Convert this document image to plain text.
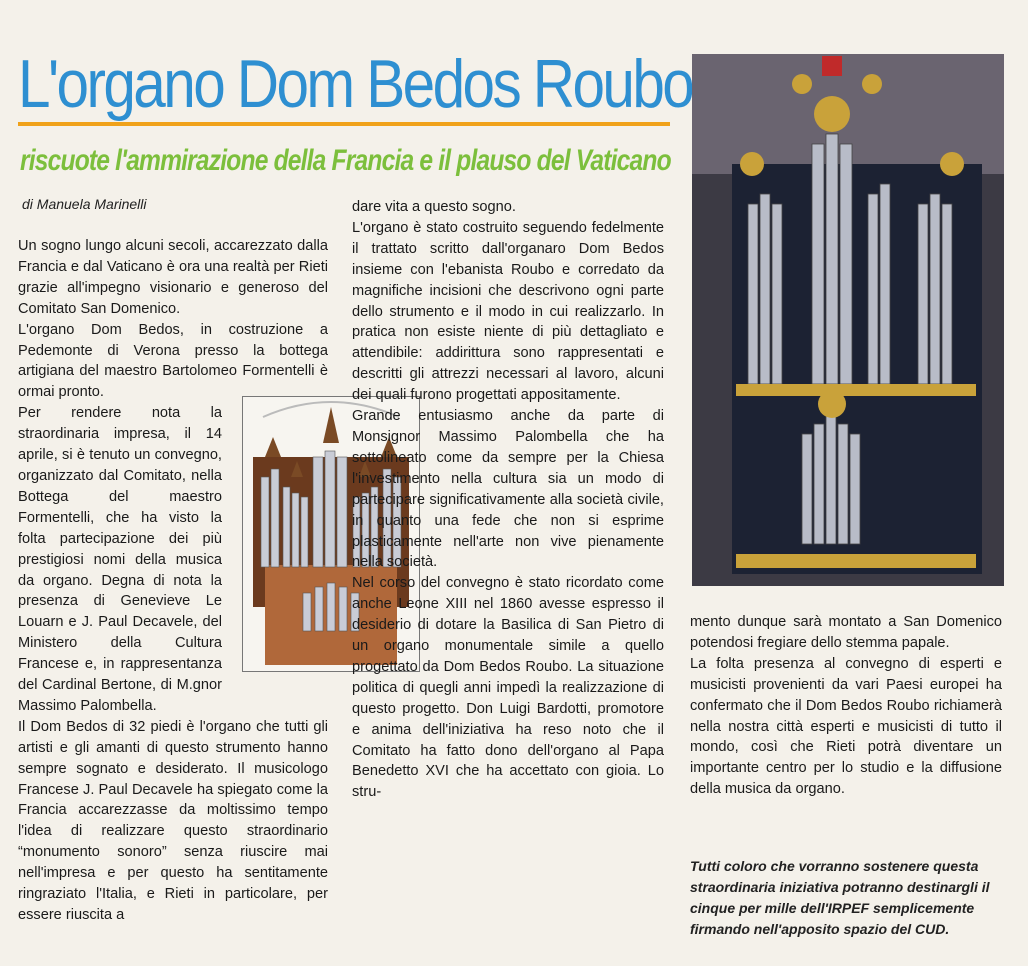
L'organo Dom Bedos Roubo
riscuote l'ammirazione della Francia e il plauso del Vaticano
di Manuela Marinelli

Un sogno lungo alcuni secoli, accarezzato dalla Francia e dal Vaticano è ora una realtà per Rieti grazie all'impegno visionario e generoso del Comitato San Domenico.

L'organo Dom Bedos, in costruzione a Pedemonte di Verona presso la bottega artigiana del maestro Bartolomeo Formentelli è ormai pronto.

Per rendere nota la straordinaria impresa, il 14 aprile, si è tenuto un convegno, organizzato dal Comitato, nella Bottega del maestro Formentelli, che ha visto la folta partecipazione dei più prestigiosi nomi della musica da organo. Degna di nota la presenza di Genevieve Le Louarn e J. Paul Decavele, del Ministero della Cultura Francese e, in rappresentanza del Cardinal Bertone, di M.gnor Massimo Palombella.

Il Dom Bedos di 32 piedi è l'organo che tutti gli artisti e gli amanti di questo strumento hanno sempre sognato e desiderato. Il musicologo Francese J. Paul Decavele ha spiegato come la Francia accarezzasse da moltissimo tempo l'idea di realizzare questo straordinario “monumento sonoro” senza riuscire mai nell'impresa e per questo ha sentitamente ringraziato l'Italia, e Rieti in particolare, per essere riuscita a

dare vita a questo sogno.

L'organo è stato costruito seguendo fedelmente il trattato scritto dall'organaro Dom Bedos insieme con l'ebanista Roubo e corredato da magnifiche incisioni che descrivono ogni parte dello strumento e il modo in cui realizzarlo. In pratica non esiste niente di più dettagliato e attendibile: addirittura sono rappresentati e descritti gli attrezzi necessari al lavoro, alcuni dei quali furono progettati appositamente.

Grande entusiasmo anche da parte di Monsignor Massimo Palombella che ha sottolineato come da sempre per la Chiesa l'investimento nella cultura sia un modo di partecipare significativamente alla società civile, in quanto una fede che non si esprime plasticamente nell'arte non vive pienamente nella società.

Nel corso del convegno è stato ricordato come anche Leone XIII nel 1860 avesse espresso il desiderio di dotare la Basilica di San Pietro di un organo monumentale simile a quello progettato da Dom Bedos Roubo. La situazione politica di quegli anni impedì la realizzazione di questo progetto. Don Luigi Bardotti, promotore e anima dell'iniziativa ha reso noto che il Comitato ha fatto dono dell'organo al Papa Benedetto XVI che ha accettato con gioia. Lo stru-

mento dunque sarà montato a San Domenico potendosi fregiare dello stemma papale.

La folta presenza al convegno di esperti e musicisti provenienti da vari Paesi europei ha confermato che il Dom Bedos Roubo richiamerà nella nostra città esperti e musicisti di tutto il mondo, così che Rieti potrà diventare un importante centro per lo studio e la diffusione della musica da organo.

Tutti coloro che vorranno sostenere questa straordinaria iniziativa potranno destinargli il cinque per mille dell'IRPEF semplicemente firmando nell'apposito spazio del CUD.
